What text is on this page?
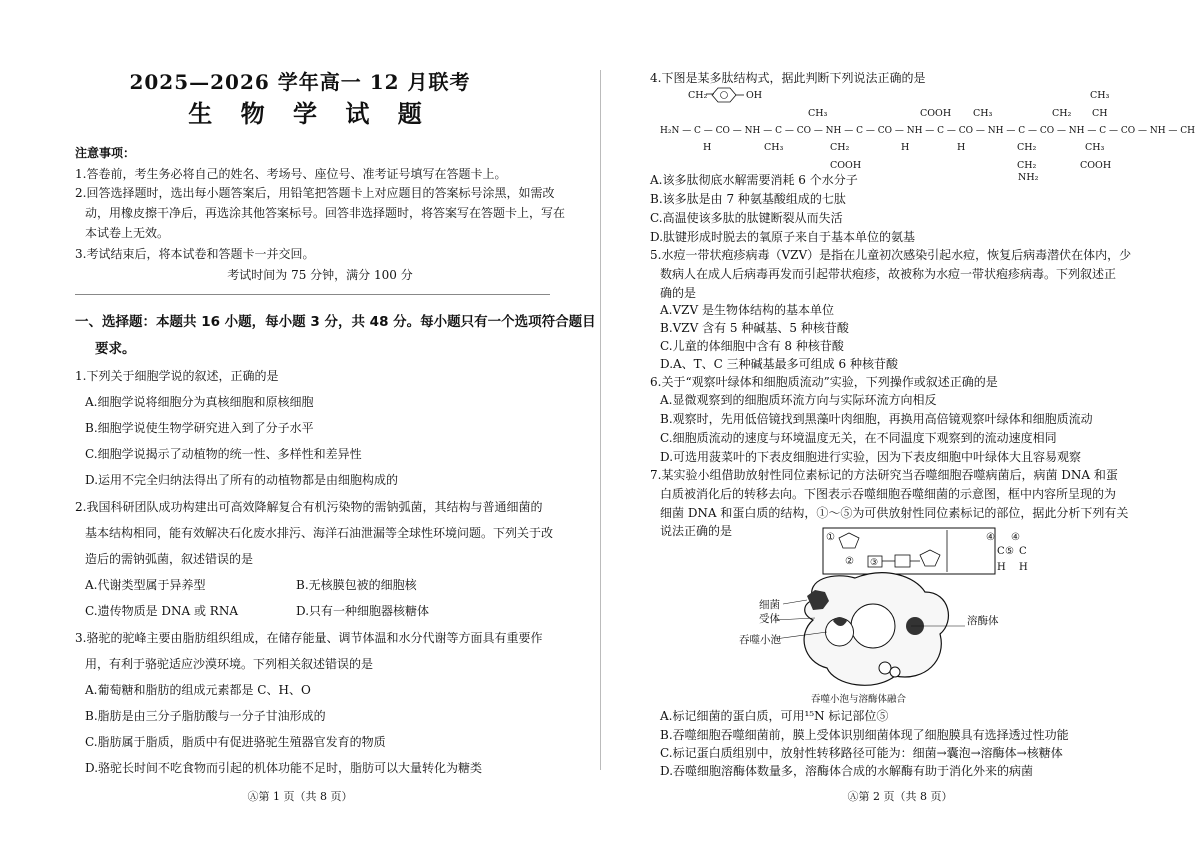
2025—2026 学年高一 12 月联考
生 物 学 试 题
注意事项：
1.答卷前，考生务必将自己的姓名、考场号、座位号、准考证号填写在答题卡上。
2.回答选择题时，选出每小题答案后，用铅笔把答题卡上对应题目的答案标号涂黑，如需改
动，用橡皮擦干净后，再选涂其他答案标号。回答非选择题时，将答案写在答题卡上，写在
本试卷上无效。
3.考试结束后，将本试卷和答题卡一并交回。
考试时间为 75 分钟，满分 100 分
一、选择题：本题共 16 小题，每小题 3 分，共 48 分。每小题只有一个选项符合题目
要求。
1.下列关于细胞学说的叙述，正确的是
A.细胞学说将细胞分为真核细胞和原核细胞
B.细胞学说使生物学研究进入到了分子水平
C.细胞学说揭示了动植物的统一性、多样性和差异性
D.运用不完全归纳法得出了所有的动植物都是由细胞构成的
2.我国科研团队成功构建出可高效降解复合有机污染物的需钠弧菌，其结构与普通细菌的
基本结构相同，能有效解决石化废水排污、海洋石油泄漏等全球性环境问题。下列关于改
造后的需钠弧菌，叙述错误的是
A.代谢类型属于异养型	B.无核膜包被的细胞核
C.遗传物质是 DNA 或 RNA	D.只有一种细胞器核糖体
3.骆驼的驼峰主要由脂肪组织组成，在储存能量、调节体温和水分代谢等方面具有重要作
用，有利于骆驼适应沙漠环境。下列相关叙述错误的是
A.葡萄糖和脂肪的组成元素都是 C、H、O
B.脂肪是由三分子脂肪酸与一分子甘油形成的
C.脂肪属于脂质，脂质中有促进骆驼生殖器官发育的物质
D.骆驼长时间不吃食物而引起的机体功能不足时，脂肪可以大量转化为糖类
Ⓐ第 1 页（共 8 页）
4.下图是某多肽结构式，据此判断下列说法正确的是
CH₂	OH
CH₃	COOH CH₃	CH₂
CH₃
CH
H₂N — C — CO — NH — C — CO — NH — C — CO — NH — C — CO — NH — C — CO — NH — C — CO — NH — CH
H	CH₃	CH₂	H	H	CH₂	CH₃
COOH	CH₂
NH₂
COOH
A.该多肽彻底水解需要消耗 6 个水分子
B.该多肽是由 7 种氨基酸组成的七肽
C.高温使该多肽的肽键断裂从而失活
D.肽键形成时脱去的氧原子来自于基本单位的氨基
5.水痘一带状疱疹病毒（VZV）是指在儿童初次感染引起水痘，恢复后病毒潜伏在体内，少
数病人在成人后病毒再发而引起带状疱疹，故被称为水痘一带状疱疹病毒。下列叙述正
确的是
A.VZV 是生物体结构的基本单位
B.VZV 含有 5 种碱基、5 种核苷酸
C.儿童的体细胞中含有 8 种核苷酸
D.A、T、C 三种碱基最多可组成 6 种核苷酸
6.关于“观察叶绿体和细胞质流动”实验，下列操作或叙述正确的是
A.显微观察到的细胞质环流方向与实际环流方向相反
B.观察时，先用低倍镜找到黑藻叶肉细胞，再换用高倍镜观察叶绿体和细胞质流动
C.细胞质流动的速度与环境温度无关，在不同温度下观察到的流动速度相同
D.可选用菠菜叶的下表皮细胞进行实验，因为下表皮细胞中叶绿体大且容易观察
7.某实验小组借助放射性同位素标记的方法研究当吞噬细胞吞噬病菌后，病菌 DNA 和蛋
白质被消化后的转移去向。下图表示吞噬细胞吞噬细菌的示意图，框中内容所呈现的为
细菌 DNA 和蛋白质的结构，①～⑤为可供放射性同位素标记的部位，据此分析下列有关
说法正确的是	①
② ③
④ ④
C C
⑤
H H
细菌
受体	溶酶体
吞噬小泡
吞噬小泡与溶酶体融合
A.标记细菌的蛋白质，可用¹⁵N 标记部位⑤
B.吞噬细胞吞噬细菌前，膜上受体识别细菌体现了细胞膜具有选择透过性功能
C.标记蛋白质组别中，放射性转移路径可能为：细菌→囊泡→溶酶体→核糖体
D.吞噬细胞溶酶体数量多，溶酶体合成的水解酶有助于消化外来的病菌
Ⓐ第 2 页（共 8 页）
